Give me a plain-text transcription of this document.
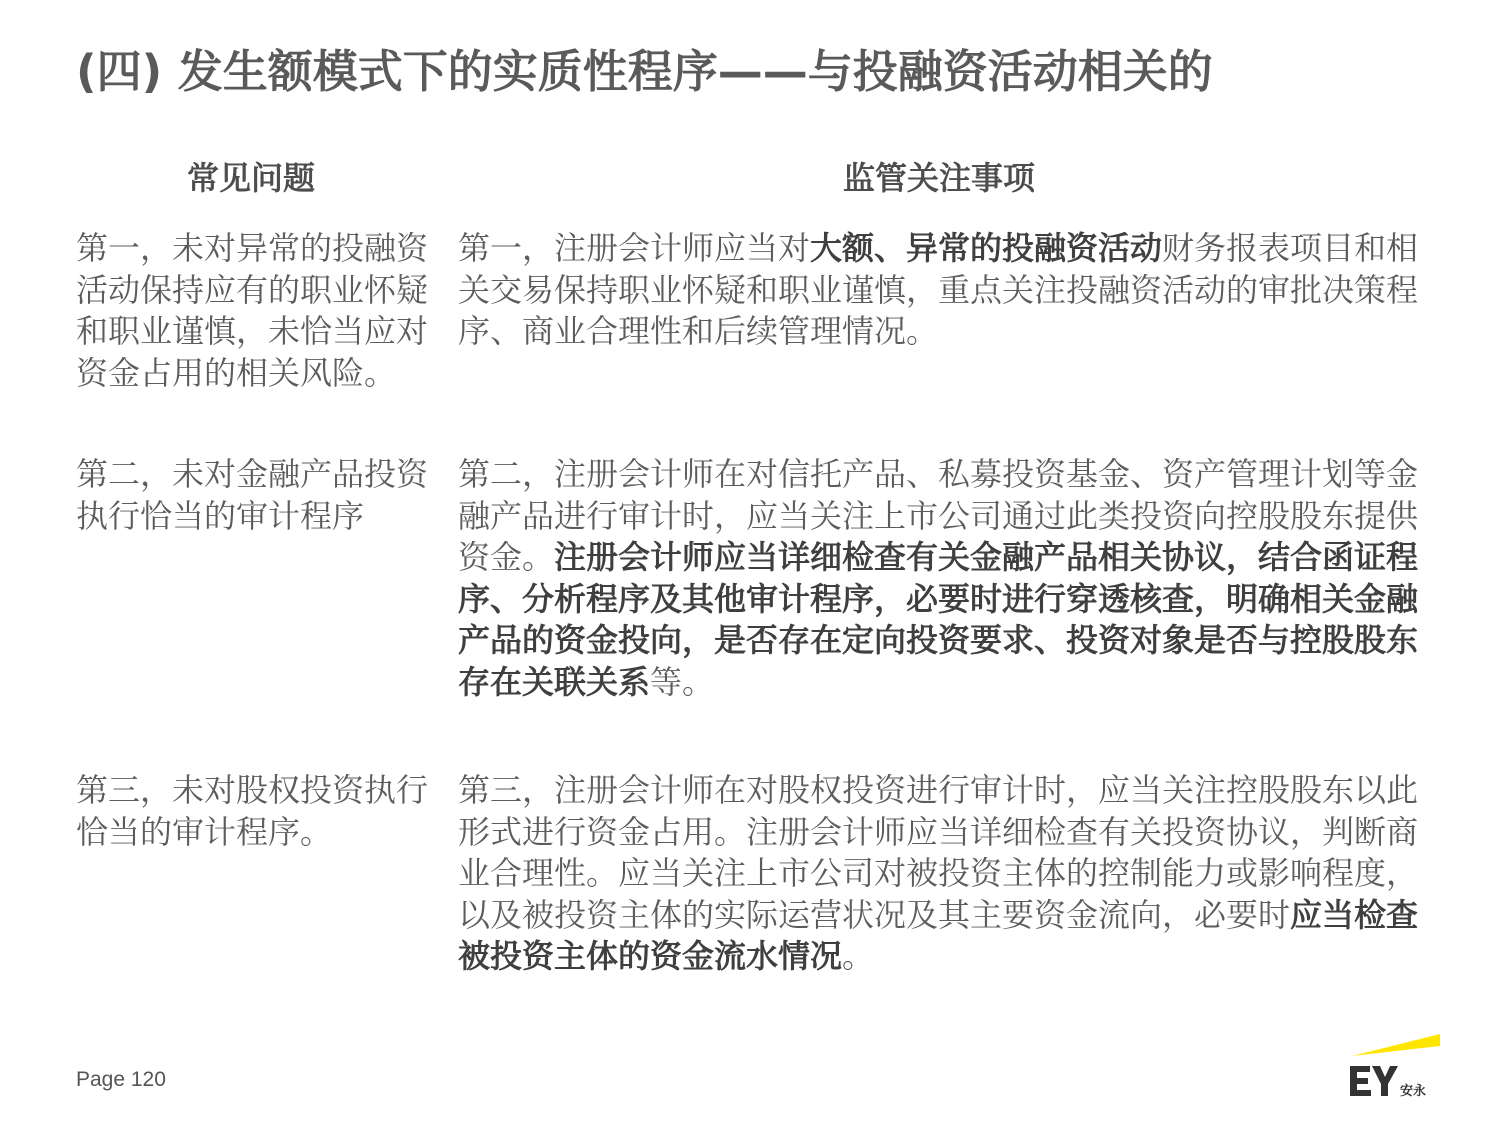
(四) 发生额模式下的实质性程序——与投融资活动相关的
常见问题	监管关注事项
第一，未对异常的投融资活动保持应有的职业怀疑和职业谨慎，未恰当应对资金占用的相关风险。
第一，注册会计师应当对大额、异常的投融资活动财务报表项目和相关交易保持职业怀疑和职业谨慎，重点关注投融资活动的审批决策程序、商业合理性和后续管理情况。
第二，未对金融产品投资执行恰当的审计程序
第二，注册会计师在对信托产品、私募投资基金、资产管理计划等金融产品进行审计时，应当关注上市公司通过此类投资向控股股东提供资金。注册会计师应当详细检查有关金融产品相关协议，结合函证程序、分析程序及其他审计程序，必要时进行穿透核查，明确相关金融产品的资金投向，是否存在定向投资要求、投资对象是否与控股股东存在关联关系等。
第三，未对股权投资执行恰当的审计程序。
第三，注册会计师在对股权投资进行审计时，应当关注控股股东以此形式进行资金占用。注册会计师应当详细检查有关投资协议，判断商业合理性。应当关注上市公司对被投资主体的控制能力或影响程度，以及被投资主体的实际运营状况及其主要资金流向，必要时应当检查被投资主体的资金流水情况。
Page 120
安永
